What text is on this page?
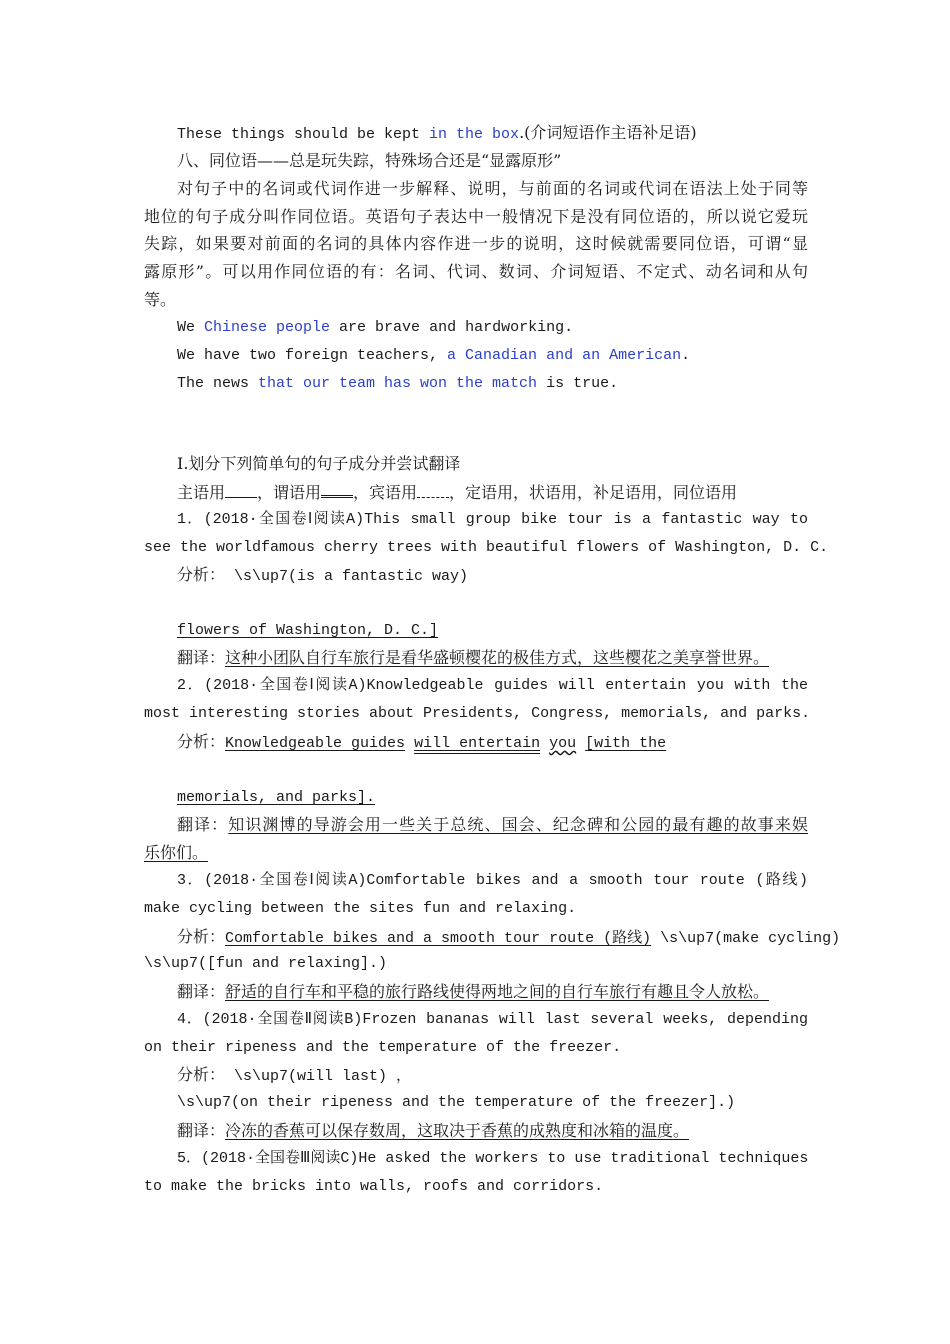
These things should be kept in the box.(介词短语作主语补足语)
八、同位语——总是玩失踪，特殊场合还是“显露原形”
对句子中的名词或代词作进一步解释、说明，与前面的名词或代词在语法上处于同等
地位的句子成分叫作同位语。英语句子表达中一般情况下是没有同位语的，所以说它爱玩
失踪，如果要对前面的名词的具体内容作进一步的说明，这时候就需要同位语，可谓“显
露原形”。可以用作同位语的有：名词、代词、数词、介词短语、不定式、动名词和从句
等。
We Chinese people are brave and hardworking.
We have two foreign teachers, a Canadian and an American.
The news that our team has won the match is true.
Ⅰ.划分下列简单句的句子成分并尝试翻译
主语用 ，谓语用 ，宾语用 ，定语用，状语用，补足语用，同位语用
1．(2018·全国卷Ⅰ阅读A)This small group bike tour is a fantastic way to
see the worldfamous cherry trees with beautiful flowers of Washington, D. C.
分析： \s\up7(is a fantastic way)
flowers of Washington, D. C.]
翻译：这种小团队自行车旅行是看华盛顿樱花的极佳方式，这些樱花之美享誉世界。
2．(2018·全国卷Ⅰ阅读A)Knowledgeable guides will entertain you with the
most interesting stories about Presidents, Congress, memorials, and parks.
分析：Knowledgeable guides will entertain you [with the
memorials, and parks].
翻译：知识渊博的导游会用一些关于总统、国会、纪念碑和公园的最有趣的故事来娱
乐你们。
3．(2018·全国卷Ⅰ阅读A)Comfortable bikes and a smooth tour route (路线)
make cycling between the sites fun and relaxing.
分析：Comfortable bikes and a smooth tour route (路线) \s\up7(make cycling)
\s\up7([fun and relaxing].)
翻译：舒适的自行车和平稳的旅行路线使得两地之间的自行车旅行有趣且令人放松。
4．(2018·全国卷Ⅱ阅读B)Frozen bananas will last several weeks, depending
on their ripeness and the temperature of the freezer.
分析： \s\up7(will last) ，
\s\up7(on their ripeness and the temperature of the freezer].)
翻译：冷冻的香蕉可以保存数周，这取决于香蕉的成熟度和冰箱的温度。
5．(2018·全国卷Ⅲ阅读C)He asked the workers to use traditional techniques
to make the bricks into walls, roofs and corridors.
